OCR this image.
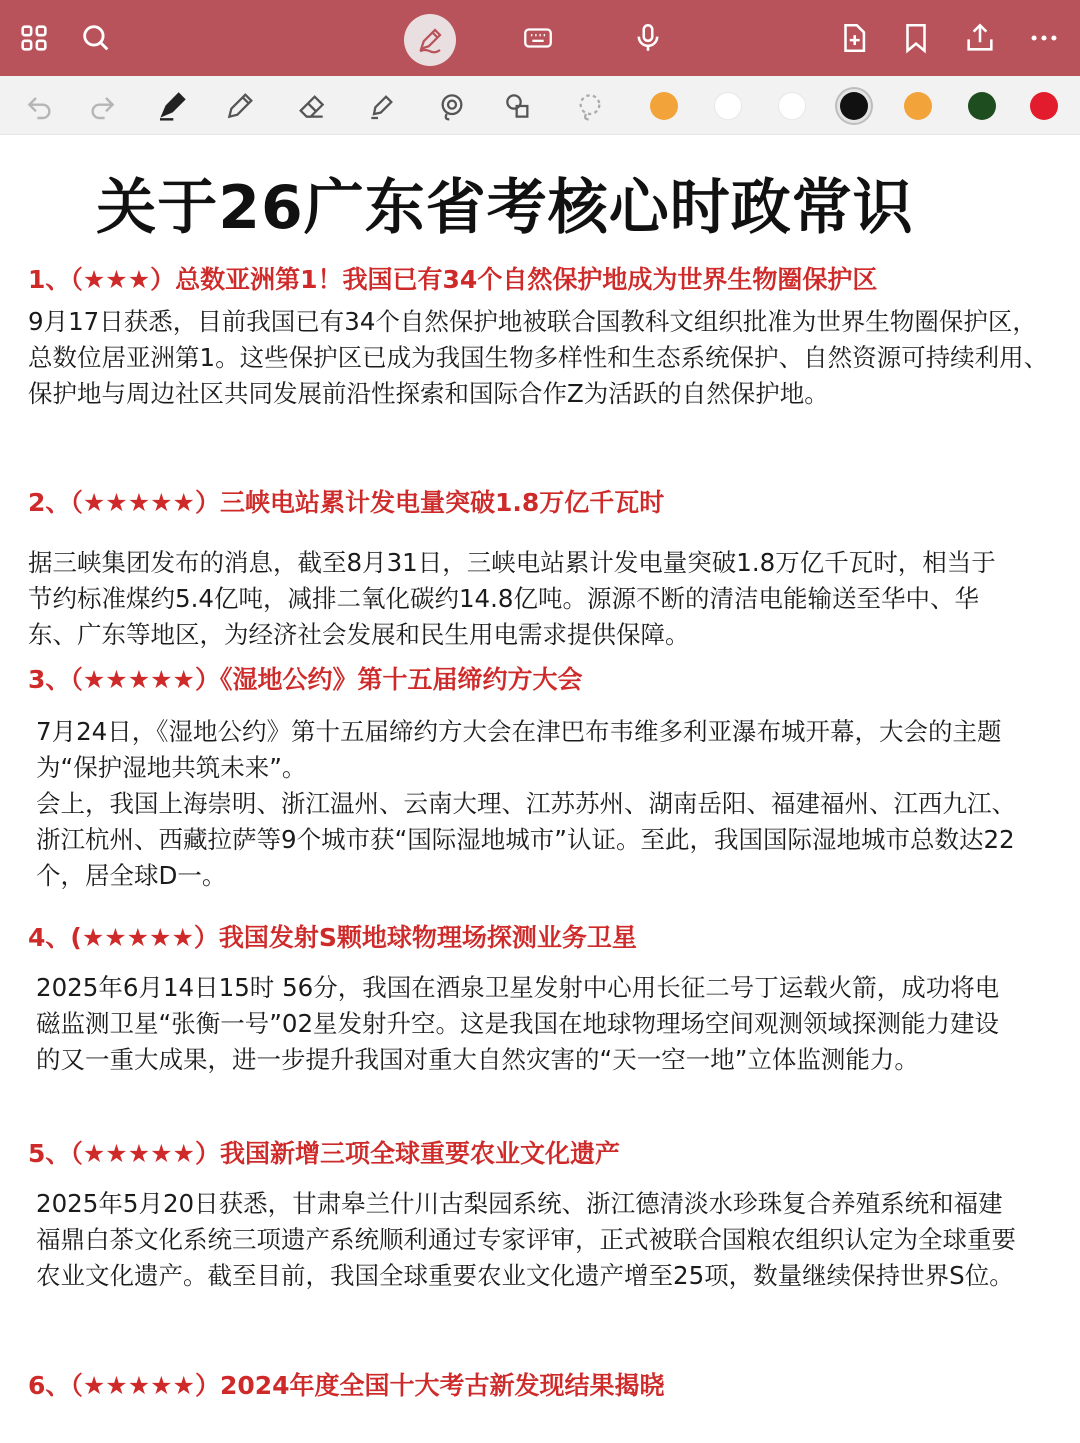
关于26广东省考核心时政常识
1、（★★★）总数亚洲第1！我国已有34个自然保护地成为世界生物圈保护区

9月17日获悉，目前我国已有34个自然保护地被联合国教科文组织批准为世界生物圈保护区，总数位居亚洲第1。这些保护区已成为我国生物多样性和生态系统保护、自然资源可持续利用、保护地与周边社区共同发展前沿性探索和国际合作Z为活跃的自然保护地。

2、（★★★★★）三峡电站累计发电量突破1.8万亿千瓦时

据三峡集团发布的消息，截至8月31日，三峡电站累计发电量突破1.8万亿千瓦时，相当于节约标准煤约5.4亿吨，减排二氧化碳约14.8亿吨。源源不断的清洁电能输送至华中、华东、广东等地区，为经济社会发展和民生用电需求提供保障。

3、（★★★★★）《湿地公约》第十五届缔约方大会

7月24日，《湿地公约》第十五届缔约方大会在津巴布韦维多利亚瀑布城开幕，大会的主题为“保护湿地共筑未来”。

会上，我国上海崇明、浙江温州、云南大理、江苏苏州、湖南岳阳、福建福州、江西九江、浙江杭州、西藏拉萨等9个城市获“国际湿地城市”认证。至此，我国国际湿地城市总数达22个，居全球D一。

4、(★★★★★）我国发射S颗地球物理场探测业务卫星

2025年6月14日15时 56分，我国在酒泉卫星发射中心用长征二号丁运载火箭，成功将电磁监测卫星“张衡一号”02星发射升空。这是我国在地球物理场空间观测领域探测能力建设的又一重大成果，进一步提升我国对重大自然灾害的“天一空一地”立体监测能力。

5、（★★★★★）我国新增三项全球重要农业文化遗产

2025年5月20日获悉，甘肃皋兰什川古梨园系统、浙江德清淡水珍珠复合养殖系统和福建福鼎白茶文化系统三项遗产系统顺利通过专家评审，正式被联合国粮农组织认定为全球重要农业文化遗产。截至目前，我国全球重要农业文化遗产增至25项，数量继续保持世界S位。

6、（★★★★★）2024年度全国十大考古新发现结果揭晓
